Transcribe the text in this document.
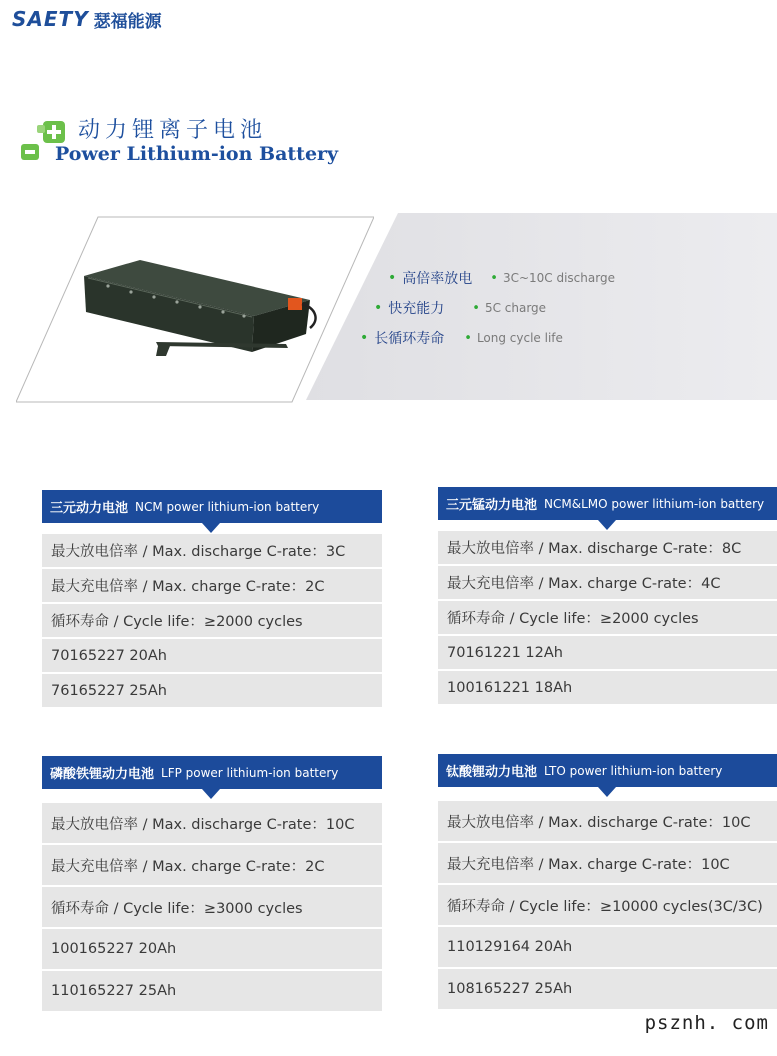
SAETY 瑟福能源
动力锂离子电池
Power Lithium-ion Battery
• 高倍率放电 • 3C~10C discharge
• 快充能力 • 5C charge
• 长循环寿命 • Long cycle life
三元动力电池 NCM power lithium-ion battery
最大放电倍率 / Max. discharge C-rate：3C
最大充电倍率 / Max. charge C-rate：2C
循环寿命 / Cycle life：≥2000 cycles
70165227 20Ah
76165227 25Ah
三元锰动力电池 NCM&LMO power lithium-ion battery
最大放电倍率 / Max. discharge C-rate：8C
最大充电倍率 / Max. charge C-rate：4C
循环寿命 / Cycle life：≥2000 cycles
70161221 12Ah
100161221 18Ah
磷酸铁锂动力电池 LFP power lithium-ion battery
最大放电倍率 / Max. discharge C-rate：10C
最大充电倍率 / Max. charge C-rate：2C
循环寿命 / Cycle life：≥3000 cycles
100165227 20Ah
110165227 25Ah
钛酸锂动力电池 LTO power lithium-ion battery
最大放电倍率 / Max. discharge C-rate：10C
最大充电倍率 / Max. charge C-rate：10C
循环寿命 / Cycle life：≥10000 cycles(3C/3C)
110129164 20Ah
108165227 25Ah
psznh. com
